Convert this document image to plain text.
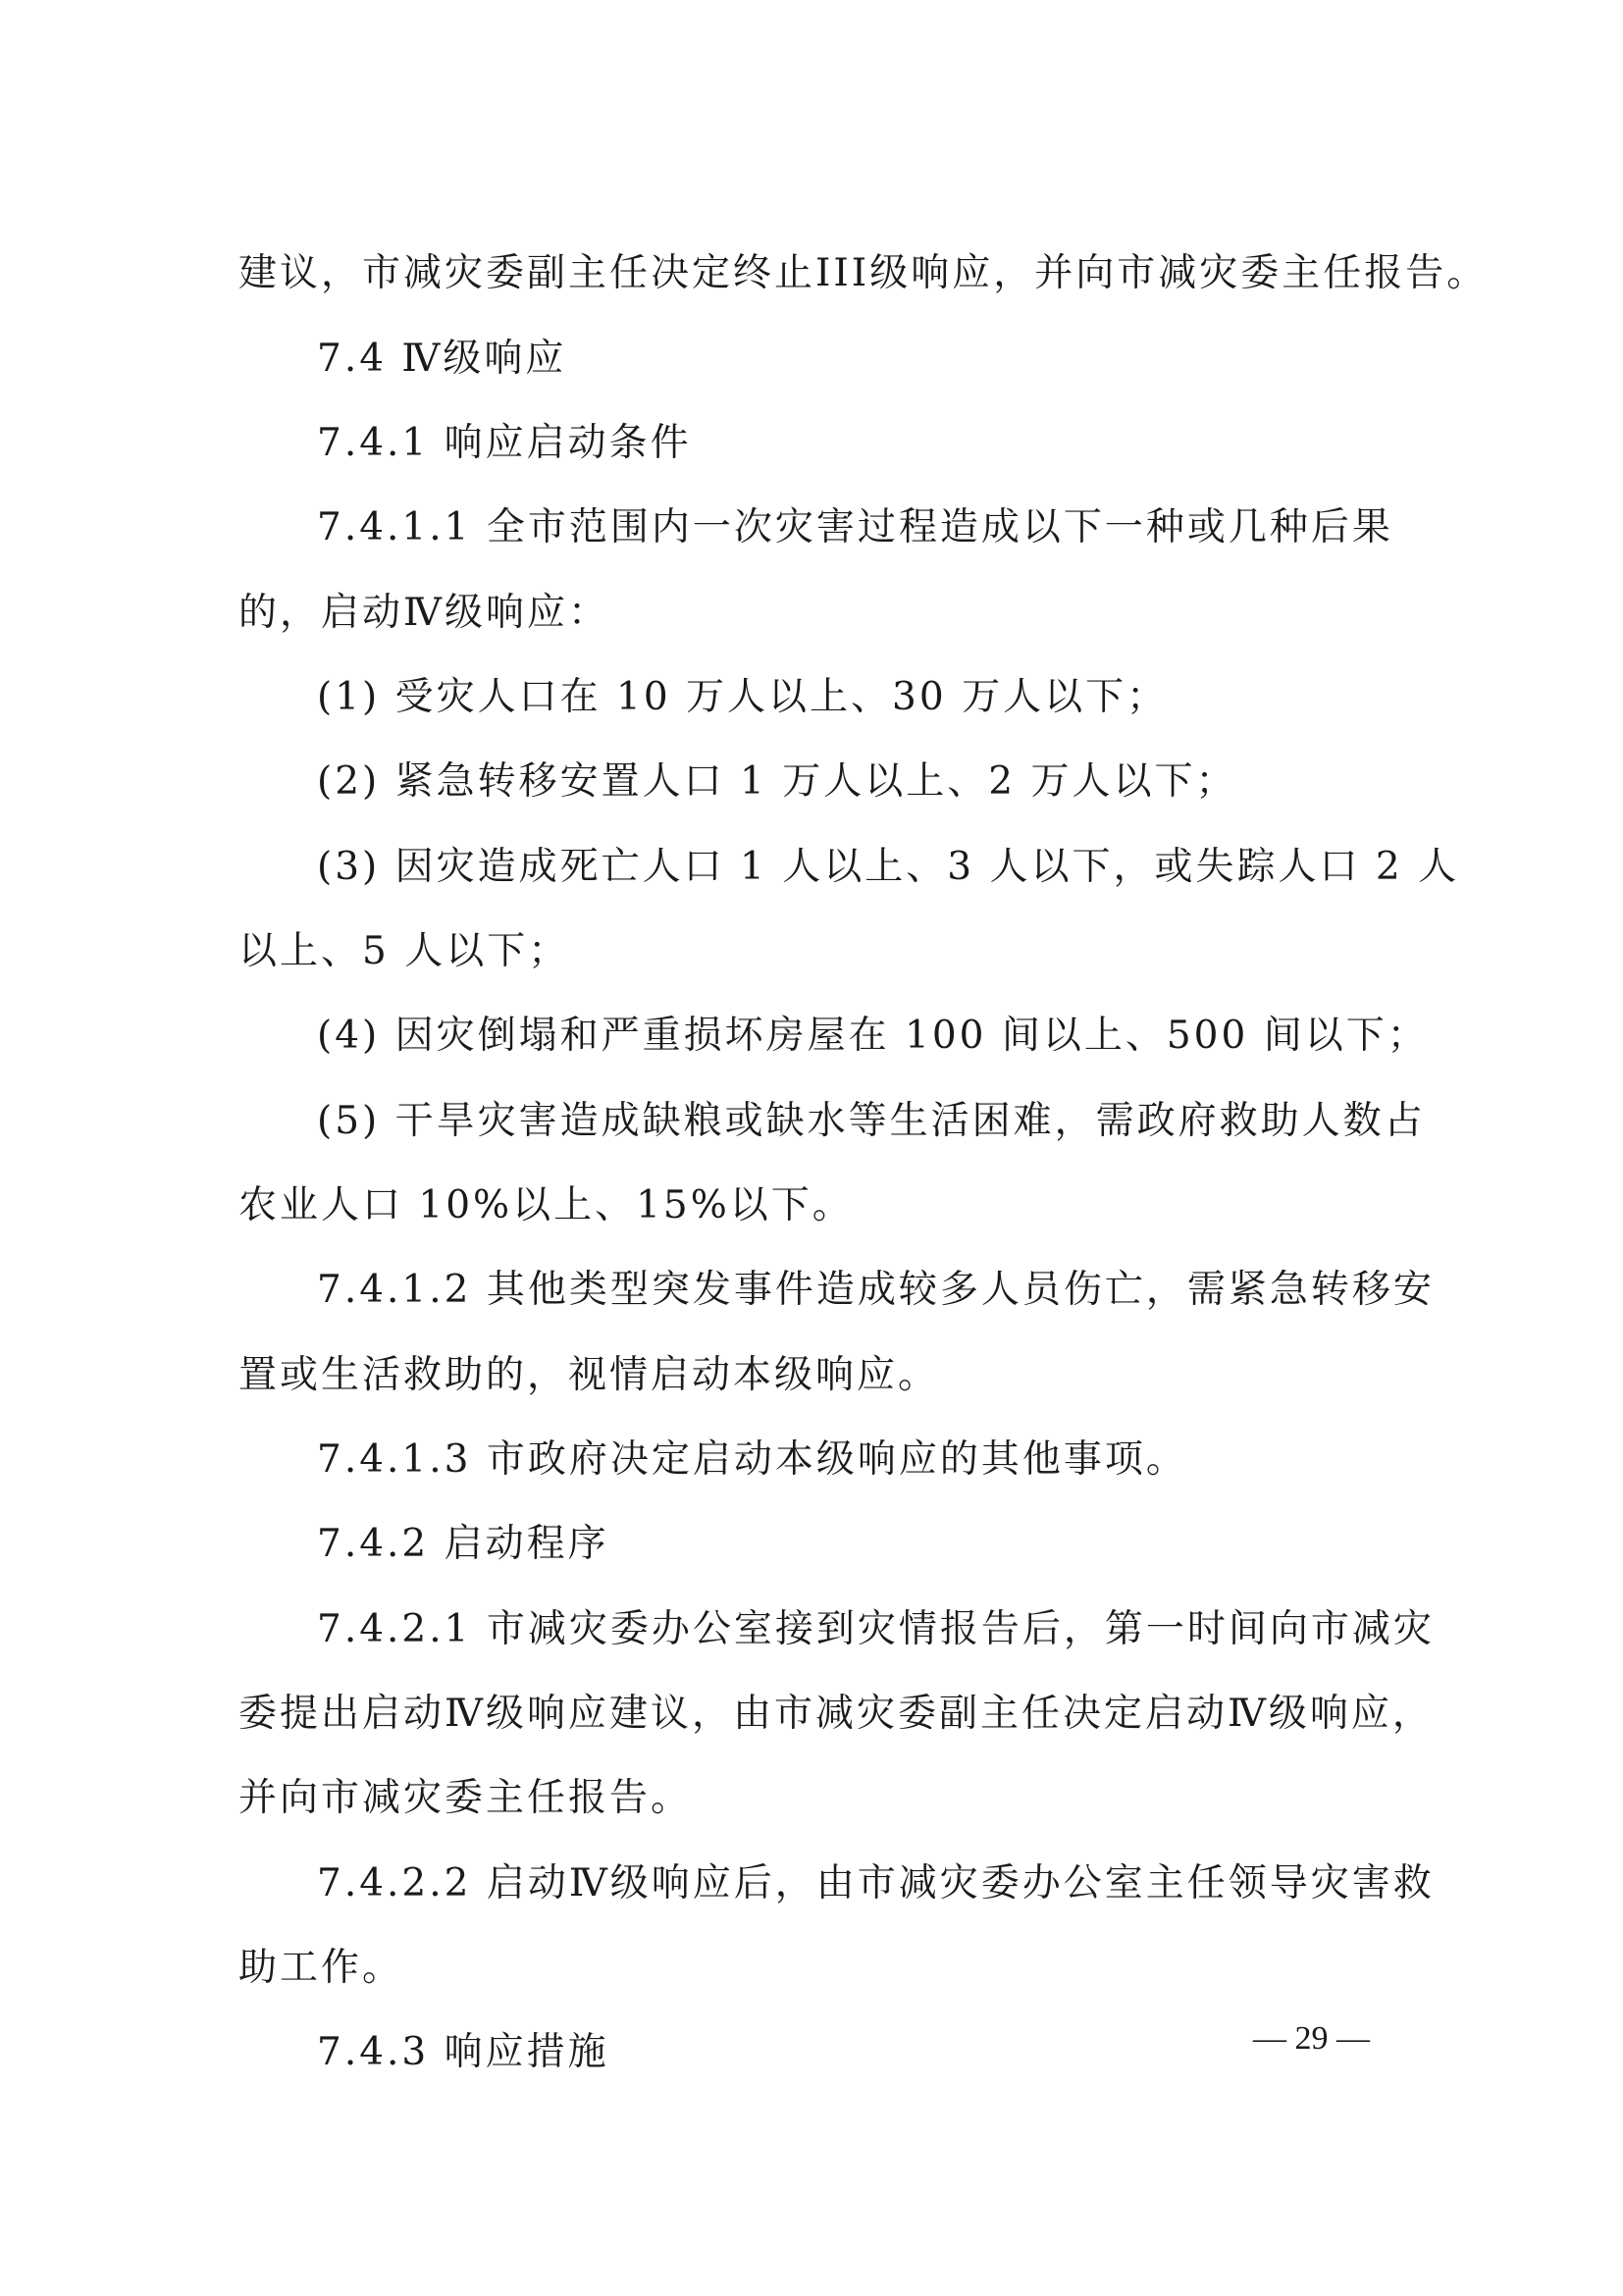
建议，市减灾委副主任决定终止III级响应，并向市减灾委主任报告。
7.4 Ⅳ级响应
7.4.1 响应启动条件
7.4.1.1 全市范围内一次灾害过程造成以下一种或几种后果
的，启动Ⅳ级响应：
(1) 受灾人口在 10 万人以上、30 万人以下；
(2) 紧急转移安置人口 1 万人以上、2 万人以下；
(3) 因灾造成死亡人口 1 人以上、3 人以下，或失踪人口 2 人
以上、5 人以下；
(4) 因灾倒塌和严重损坏房屋在 100 间以上、500 间以下；
(5) 干旱灾害造成缺粮或缺水等生活困难，需政府救助人数占
农业人口 10%以上、15%以下。
7.4.1.2 其他类型突发事件造成较多人员伤亡，需紧急转移安
置或生活救助的，视情启动本级响应。
7.4.1.3 市政府决定启动本级响应的其他事项。
7.4.2 启动程序
7.4.2.1 市减灾委办公室接到灾情报告后，第一时间向市减灾
委提出启动Ⅳ级响应建议，由市减灾委副主任决定启动Ⅳ级响应，
并向市减灾委主任报告。
7.4.2.2 启动Ⅳ级响应后，由市减灾委办公室主任领导灾害救
助工作。
7.4.3 响应措施	— 29 —
